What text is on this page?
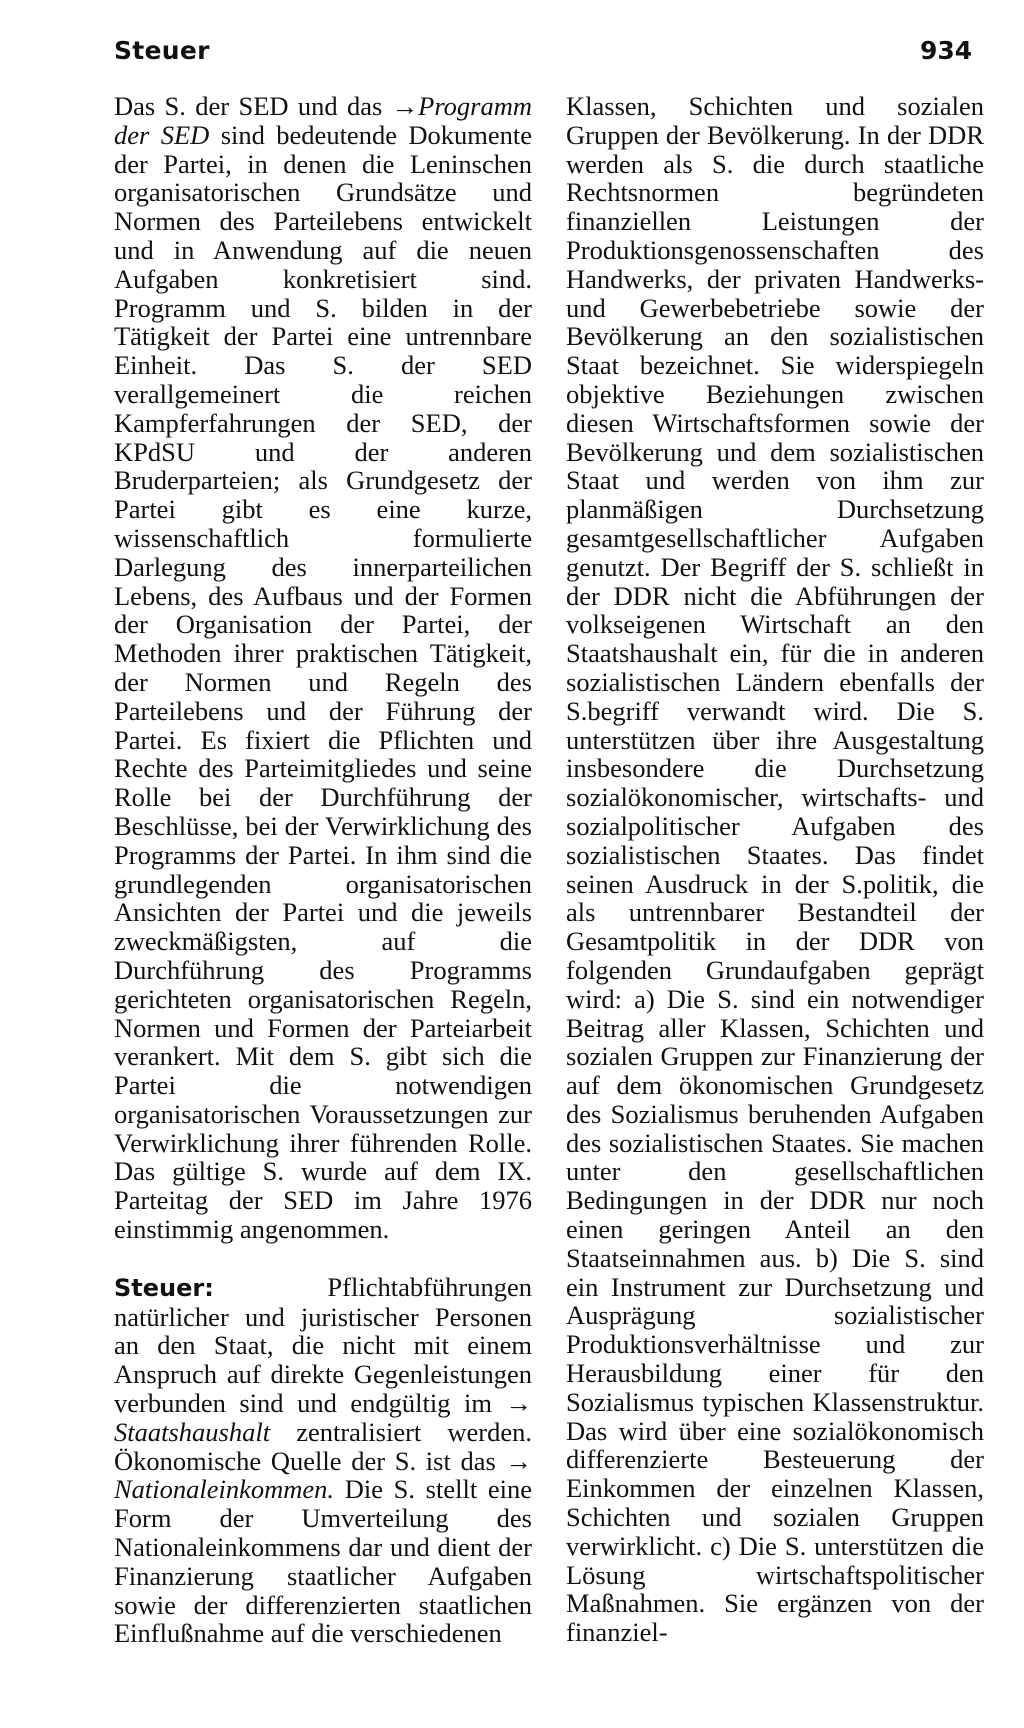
Steuer	934

Das S. der SED und das →Programm der SED sind bedeutende Dokumente der Partei, in denen die Leninschen organisatorischen Grundsätze und Normen des Parteilebens entwickelt und in Anwendung auf die neuen Aufgaben konkretisiert sind. Programm und S. bilden in der Tätigkeit der Partei eine untrennbare Einheit. Das S. der SED verallgemeinert die reichen Kampferfahrungen der SED, der KPdSU und der anderen Bruderparteien; als Grundgesetz der Partei gibt es eine kurze, wissenschaftlich formulierte Darlegung des innerparteilichen Lebens, des Aufbaus und der Formen der Organisation der Partei, der Methoden ihrer praktischen Tätigkeit, der Normen und Regeln des Parteilebens und der Führung der Partei. Es fixiert die Pflichten und Rechte des Parteimitgliedes und seine Rolle bei der Durchführung der Beschlüsse, bei der Verwirklichung des Programms der Partei. In ihm sind die grundlegenden organisatorischen Ansichten der Partei und die jeweils zweckmäßigsten, auf die Durchführung des Programms gerichteten organisatorischen Regeln, Normen und Formen der Parteiarbeit verankert. Mit dem S. gibt sich die Partei die notwendigen organisatorischen Voraussetzungen zur Verwirklichung ihrer führenden Rolle. Das gültige S. wurde auf dem IX. Parteitag der SED im Jahre 1976 einstimmig angenommen.

Steuer: Pflichtabführungen natürlicher und juristischer Personen an den Staat, die nicht mit einem Anspruch auf direkte Gegenleistungen verbunden sind und endgültig im → Staatshaushalt zentralisiert werden. Ökonomische Quelle der S. ist das → Nationaleinkommen. Die S. stellt eine Form der Umverteilung des Nationaleinkommens dar und dient der Finanzierung staatlicher Aufgaben sowie der differenzierten staatlichen Einflußnahme auf die verschiedenen

Klassen, Schichten und sozialen Gruppen der Bevölkerung. In der DDR werden als S. die durch staatliche Rechtsnormen begründeten finanziellen Leistungen der Produktionsgenossenschaften des Handwerks, der privaten Handwerks- und Gewerbebetriebe sowie der Bevölkerung an den sozialistischen Staat bezeichnet. Sie widerspiegeln objektive Beziehungen zwischen diesen Wirtschaftsformen sowie der Bevölkerung und dem sozialistischen Staat und werden von ihm zur planmäßigen Durchsetzung gesamtgesellschaftlicher Aufgaben genutzt. Der Begriff der S. schließt in der DDR nicht die Abführungen der volkseigenen Wirtschaft an den Staatshaushalt ein, für die in anderen sozialistischen Ländern ebenfalls der S.begriff verwandt wird. Die S. unterstützen über ihre Ausgestaltung insbesondere die Durchsetzung sozialökonomischer, wirtschafts- und sozialpolitischer Aufgaben des sozialistischen Staates. Das findet seinen Ausdruck in der S.politik, die als untrennbarer Bestandteil der Gesamtpolitik in der DDR von folgenden Grundaufgaben geprägt wird: a) Die S. sind ein notwendiger Beitrag aller Klassen, Schichten und sozialen Gruppen zur Finanzierung der auf dem ökonomischen Grundgesetz des Sozialismus beruhenden Aufgaben des sozialistischen Staates. Sie machen unter den gesellschaftlichen Bedingungen in der DDR nur noch einen geringen Anteil an den Staatseinnahmen aus. b) Die S. sind ein Instrument zur Durchsetzung und Ausprägung sozialistischer Produktionsverhältnisse und zur Herausbildung einer für den Sozialismus typischen Klassenstruktur. Das wird über eine sozialökonomisch differenzierte Besteuerung der Einkommen der einzelnen Klassen, Schichten und sozialen Gruppen verwirklicht. c) Die S. unterstützen die Lösung wirtschaftspolitischer Maßnahmen. Sie ergänzen von der finanziel-
